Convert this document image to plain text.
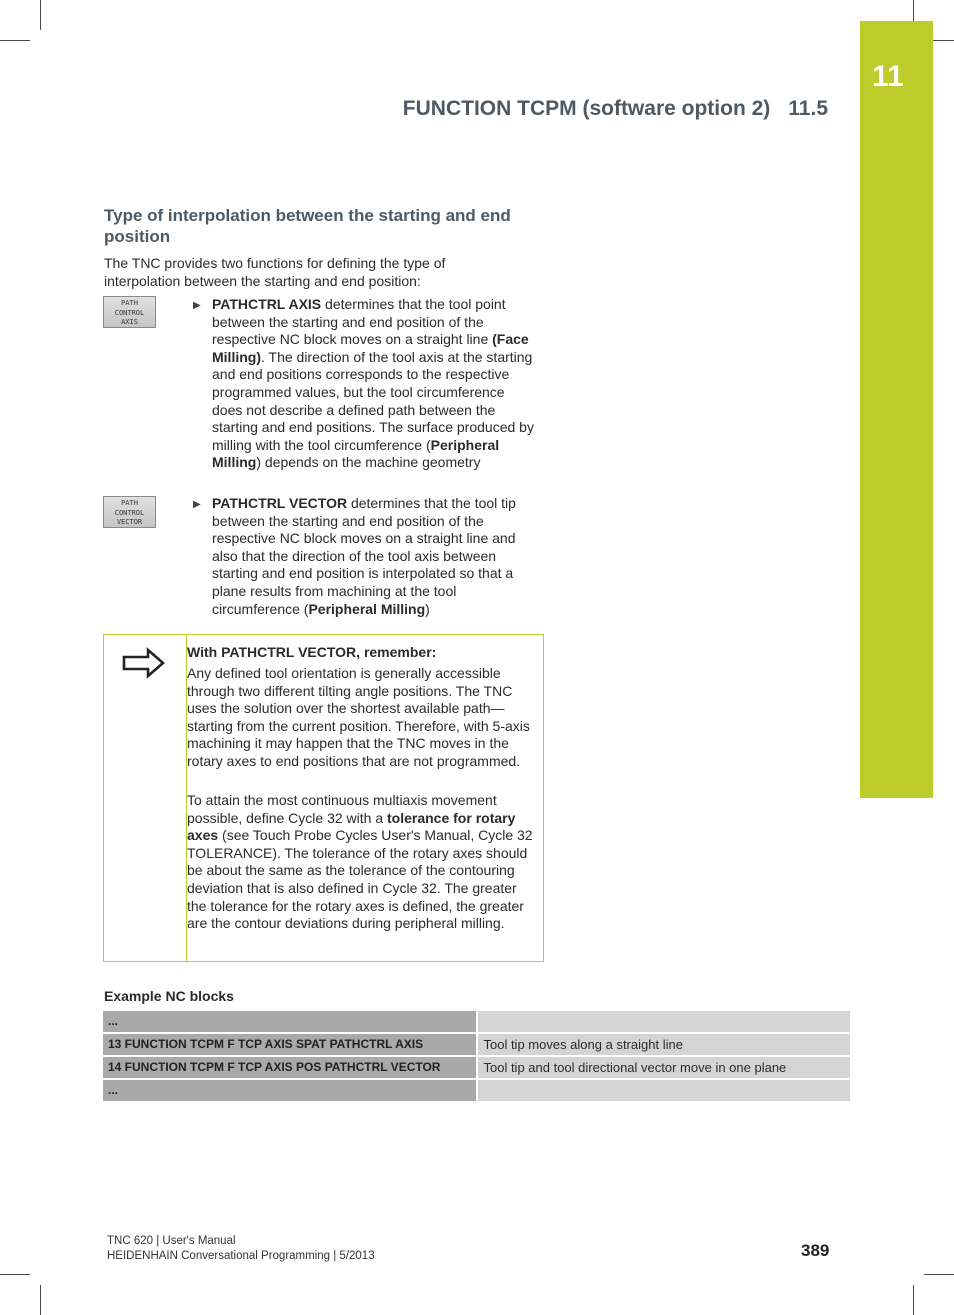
11
FUNCTION TCPM (software option 2) 11.5
Type of interpolation between the starting and end position

The TNC provides two functions for defining the type of interpolation between the starting and end position:

PATH
CONTROL
AXIS
▶ PATHCTRL AXIS determines that the tool point between the starting and end position of the respective NC block moves on a straight line (Face Milling). The direction of the tool axis at the starting and end positions corresponds to the respective programmed values, but the tool circumference does not describe a defined path between the starting and end positions. The surface produced by milling with the tool circumference (Peripheral Milling) depends on the machine geometry

PATH
CONTROL
VECTOR
▶ PATHCTRL VECTOR determines that the tool tip between the starting and end position of the respective NC block moves on a straight line and also that the direction of the tool axis between starting and end position is interpolated so that a plane results from machining at the tool circumference (Peripheral Milling)

With PATHCTRL VECTOR, remember:

Any defined tool orientation is generally accessible through two different tilting angle positions. The TNC uses the solution over the shortest available path—starting from the current position. Therefore, with 5-axis machining it may happen that the TNC moves in the rotary axes to end positions that are not programmed.

To attain the most continuous multiaxis movement possible, define Cycle 32 with a tolerance for rotary axes (see Touch Probe Cycles User's Manual, Cycle 32 TOLERANCE). The tolerance of the rotary axes should be about the same as the tolerance of the contouring deviation that is also defined in Cycle 32. The greater the tolerance for the rotary axes is defined, the greater are the contour deviations during peripheral milling.

Example NC blocks
...
13 FUNCTION TCPM F TCP AXIS SPAT PATHCTRL AXIS	Tool tip moves along a straight line
14 FUNCTION TCPM F TCP AXIS POS PATHCTRL VECTOR	Tool tip and tool directional vector move in one plane
...
TNC 620 | User's Manual
HEIDENHAIN Conversational Programming | 5/2013	389
